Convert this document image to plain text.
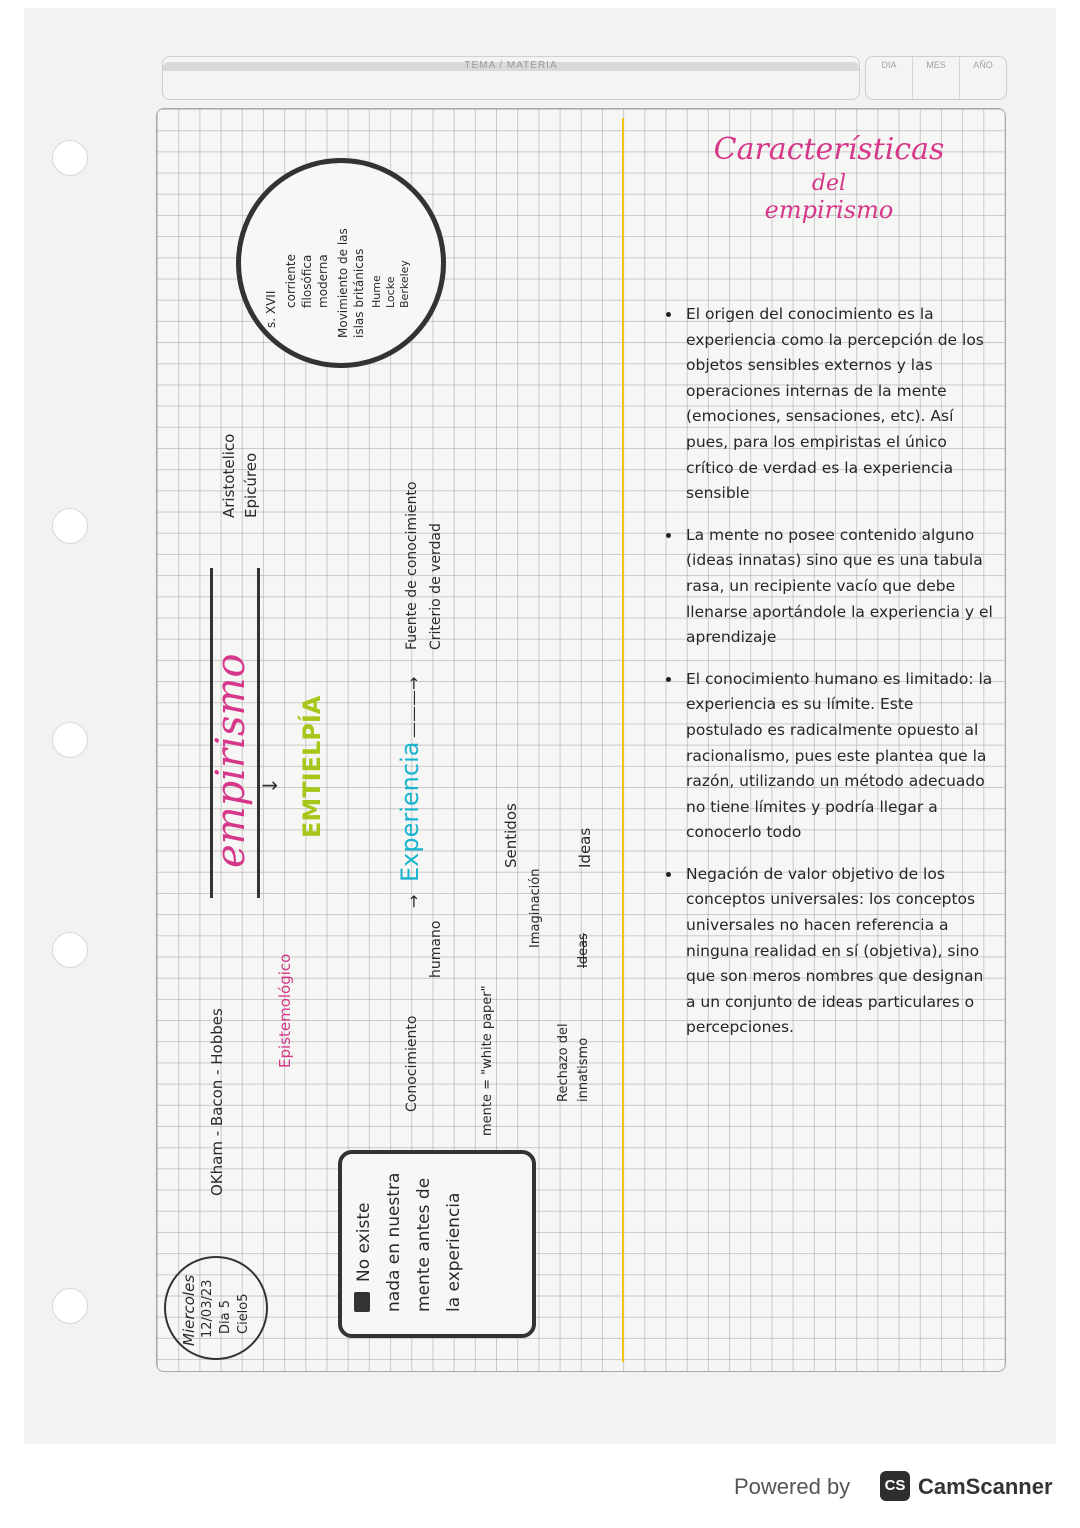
TEMA / MATERIA	DIA	MES	AÑO
Miercoles 12/03/23 Dia 5 Cielo5
No existe nada en nuestra mente antes de la experiencia
OKham - Bacon - Hobbes
Aristotelico Epicúreo
empirismo
Epistemológico
EMTIELPÍA
↓
Conocimiento
humano
→
Experiencia
———→
Fuente de conocimiento Criterio de verdad
mente = "white paper"
Sentidos
Imaginación
Ideas
Rechazo del innatismo
Ideas
s. XVII
corriente filosófica moderna Movimiento de las islas británicas Hume Locke Berkeley
Características
del
empirismo
El origen del conocimiento es la experiencia como la percepción de los objetos sensibles externos y las operaciones internas de la mente (emociones, sensaciones, etc). Así pues, para los empiristas el único crítico de verdad es la experiencia sensible
La mente no posee contenido alguno (ideas innatas) sino que es una tabula rasa, un recipiente vacío que debe llenarse aportándole la experiencia y el aprendizaje
El conocimiento humano es limitado: la experiencia es su límite. Este postulado es radicalmente opuesto al racionalismo, pues este plantea que la razón, utilizando un método adecuado no tiene límites y podría llegar a conocerlo todo
Negación de valor objetivo de los conceptos universales: los conceptos universales no hacen referencia a ninguna realidad en sí (objetiva), sino que son meros nombres que designan a un conjunto de ideas particulares o percepciones.
Powered by	CS CamScanner
